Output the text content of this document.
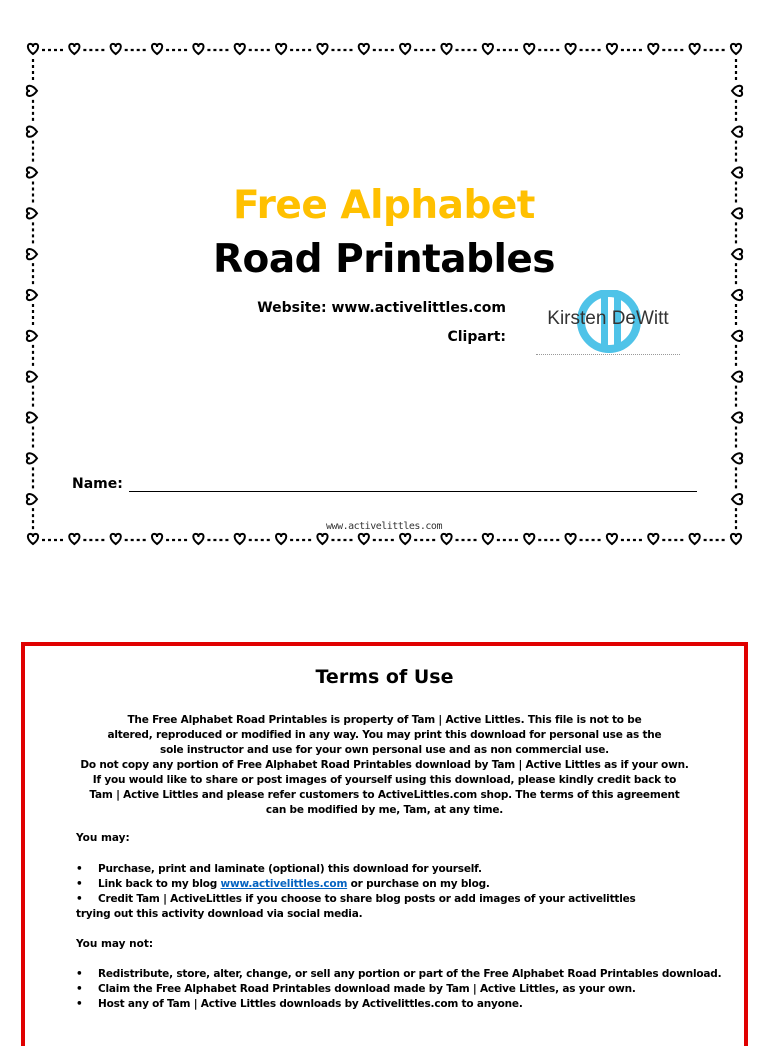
Free Alphabet
Road Printables
Website: www.activelittles.com
Clipart:
Kirsten DeWitt
Name:
www.activelittles.com
Terms of Use
The Free Alphabet Road Printables is property of Tam | Active Littles. This file is not to be
altered, reproduced or modified in any way. You may print this download for personal use as the
sole instructor and use for your own personal use and as non commercial use.
Do not copy any portion of Free Alphabet Road Printables download by Tam | Active Littles as if your own.
If you would like to share or post images of yourself using this download, please kindly credit back to
Tam | Active Littles and please refer customers to ActiveLittles.com shop. The terms of this agreement
can be modified by me, Tam, at any time.
You may:
•	Purchase, print and laminate (optional) this download for yourself.
•	Link back to my blog www.activelittles.com or purchase on my blog.
•	Credit Tam | ActiveLittles if you choose to share blog posts or add images of your activelittles
trying out this activity download via social media.
You may not:
•	Redistribute, store, alter, change, or sell any portion or part of the Free Alphabet Road Printables download.
•	Claim the Free Alphabet Road Printables download made by Tam | Active Littles, as your own.
•	Host any of Tam | Active Littles downloads by Activelittles.com to anyone.
